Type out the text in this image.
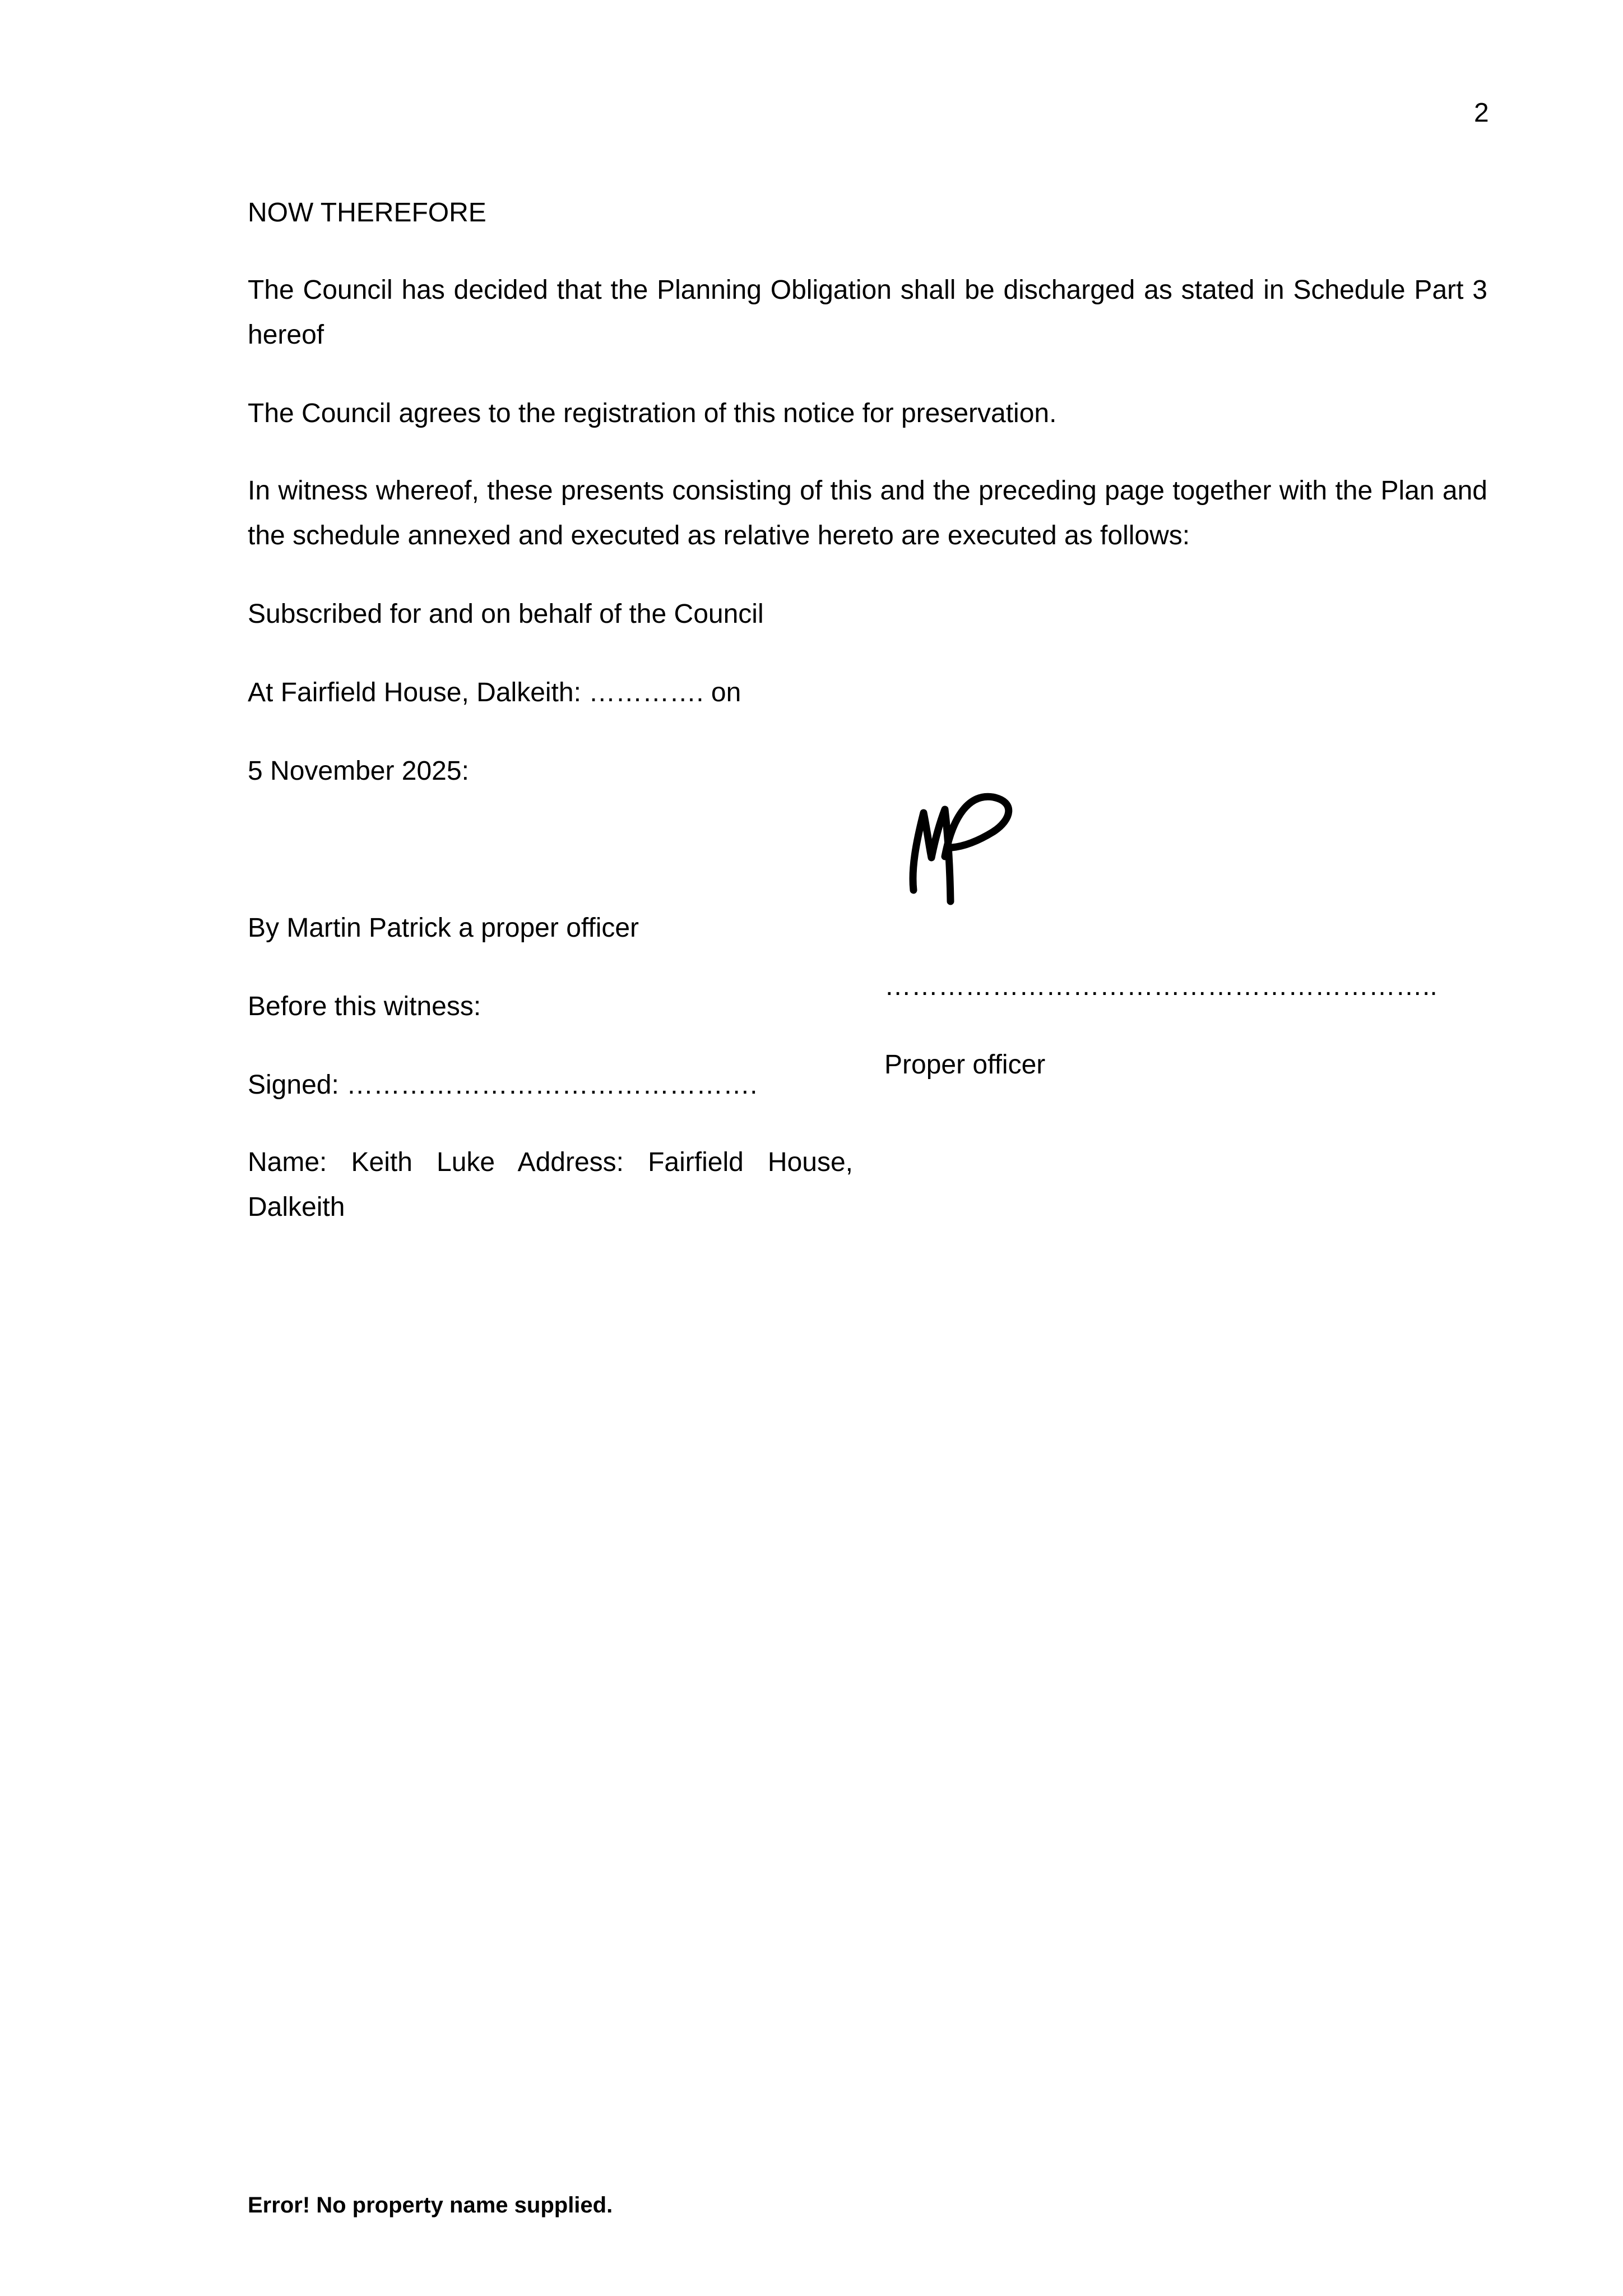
2
NOW THEREFORE
The Council has decided that the Planning Obligation shall be discharged as stated in Schedule Part 3 hereof
The Council agrees to the registration of this notice for preservation.
In witness whereof, these presents consisting of this and the preceding page together with the Plan and the schedule annexed and executed as relative hereto are executed as follows:
Subscribed for and on behalf of the Council
At Fairfield House, Dalkeith: …………. on
5 November 2025:
By Martin Patrick a proper officer
Before this witness:
Signed: ……………………………………….
Name: Keith Luke Address: Fairfield House, Dalkeith
……………………………………………………..
Proper officer
Error! No property name supplied.
